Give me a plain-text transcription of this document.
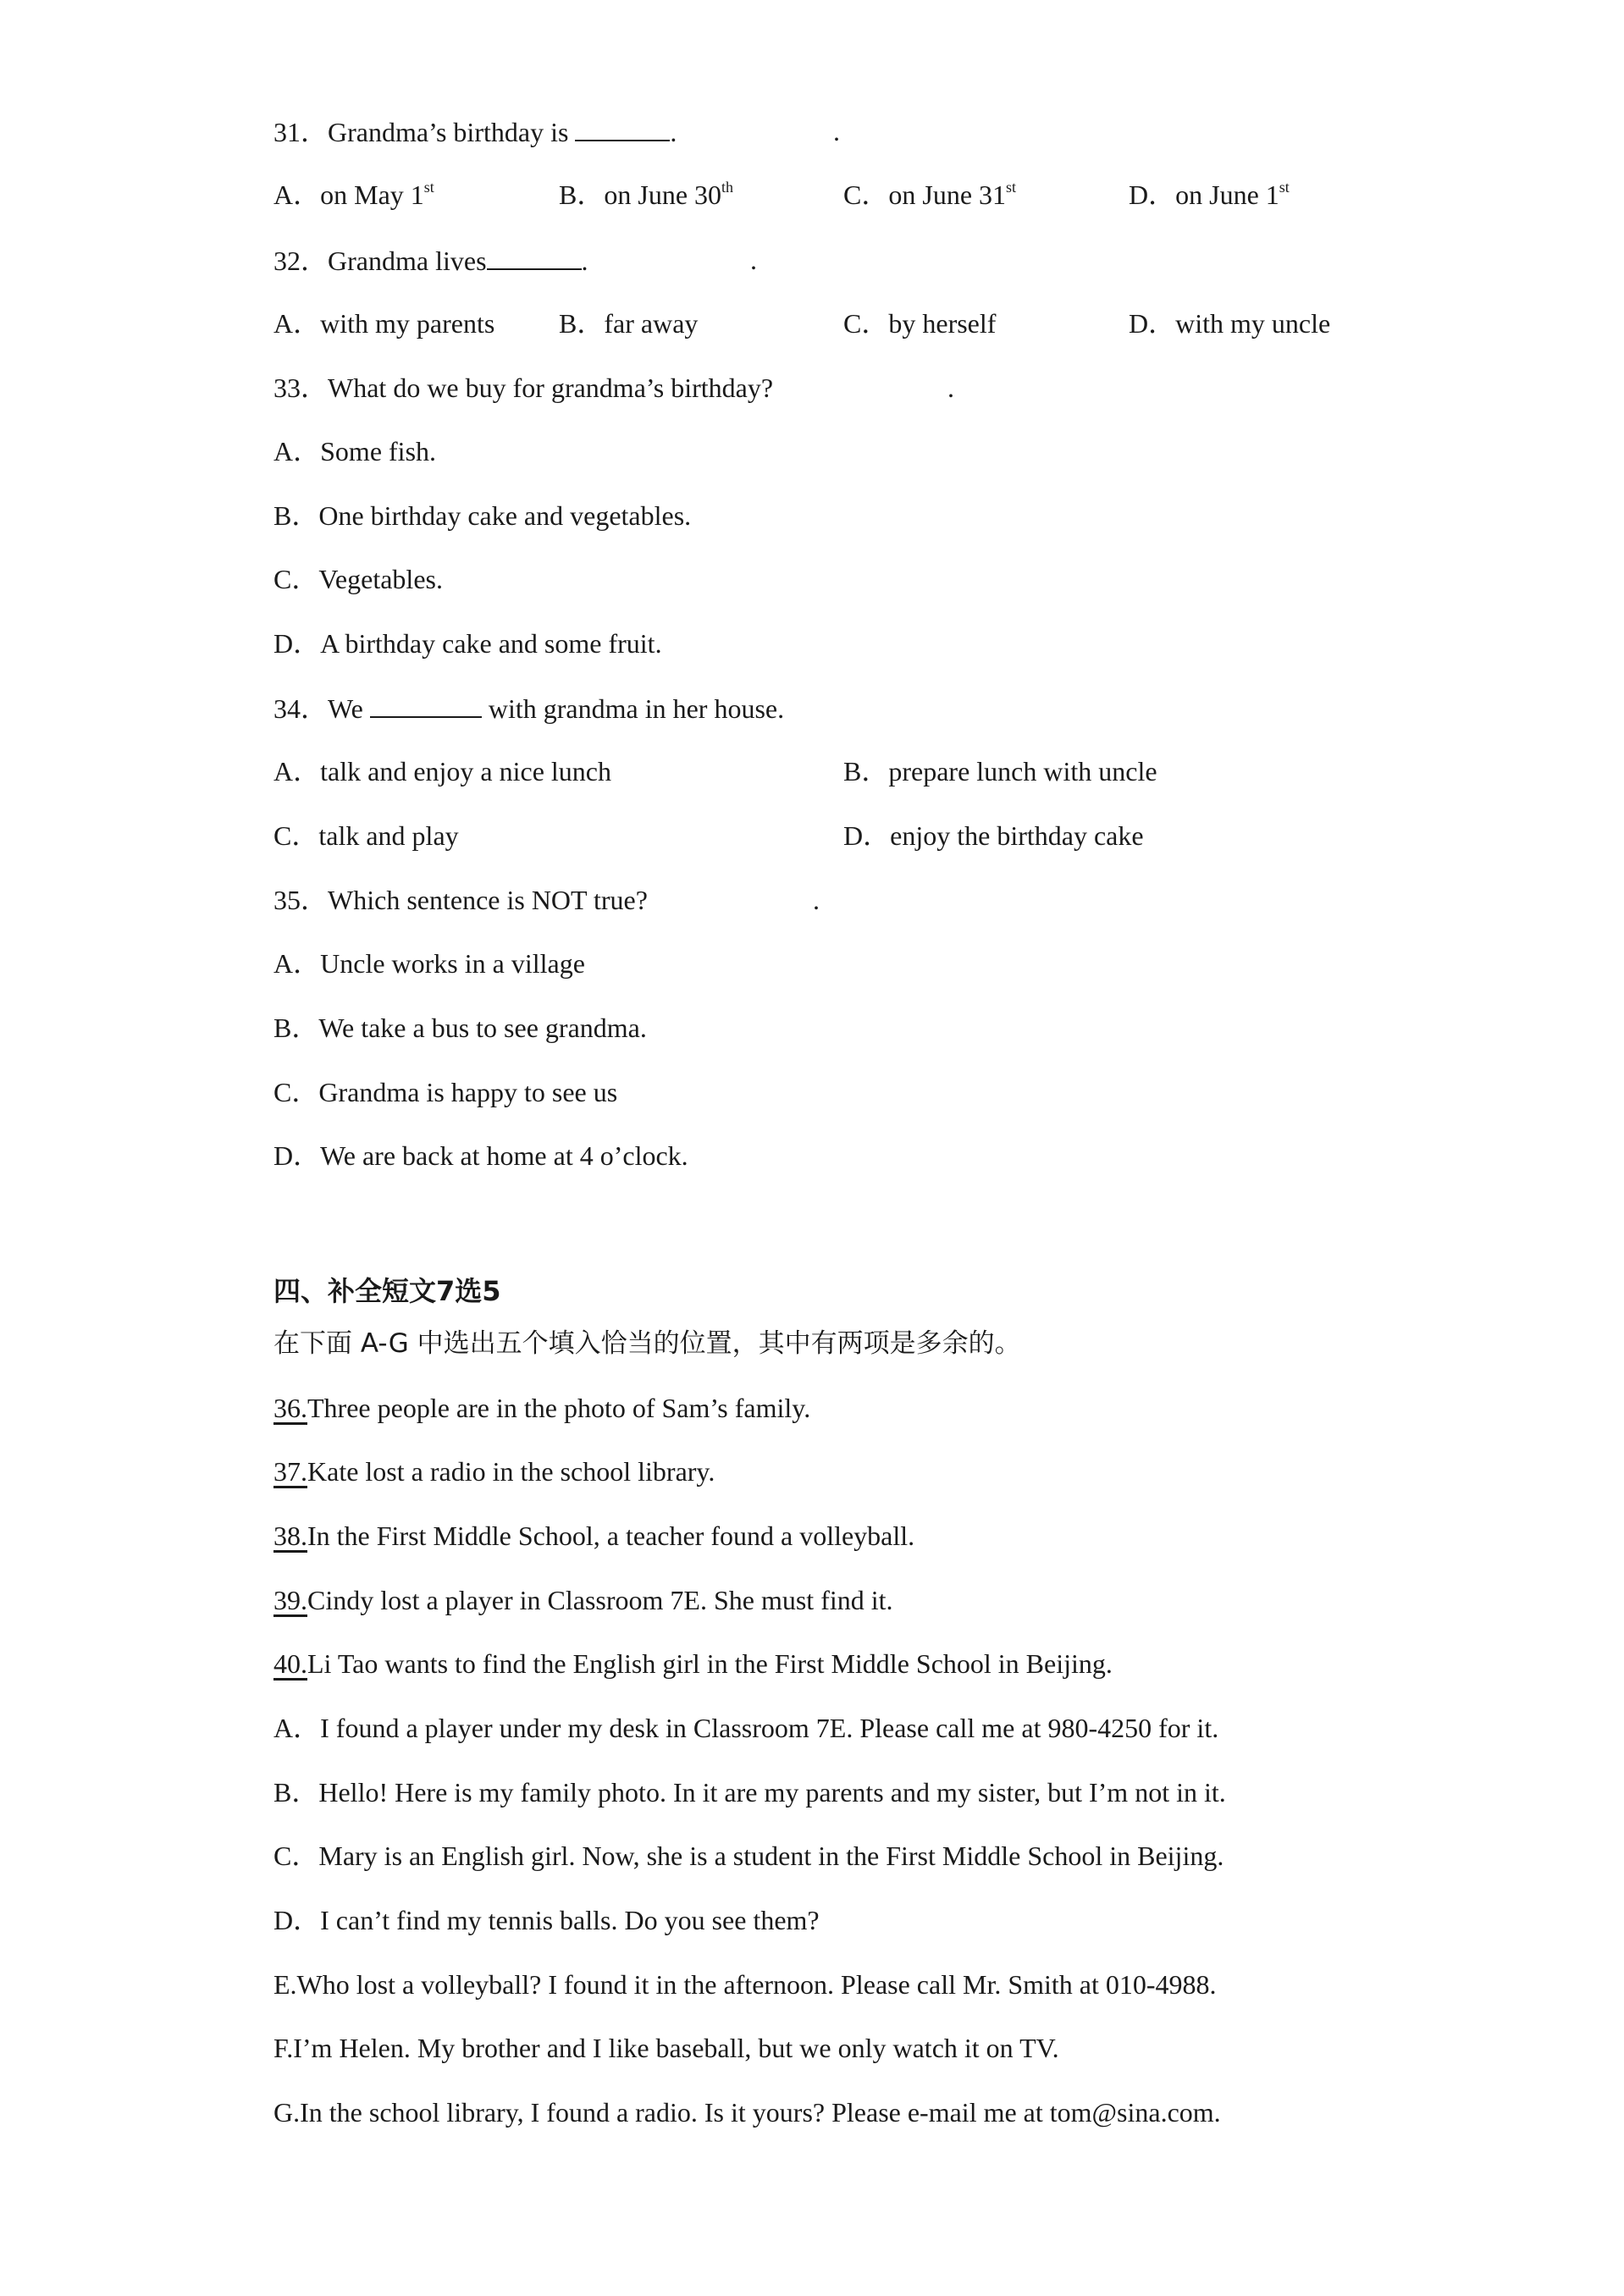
31．Grandma’s birthday is	.	.
A．on May 1st	B．on June 30th	C．on June 31st	D．on June 1st
32．Grandma lives	.	.
A．with my parents B．far away	C．by herself	D．with my uncle
33．What do we buy for grandma’s birthday?	.
A．Some fish.
B．One birthday cake and vegetables.
C．Vegetables.
D．A birthday cake and some fruit.
34．We	with grandma in her house.
A．talk and enjoy a nice lunch	B．prepare lunch with uncle
C．talk and play	D．enjoy the birthday cake
35．Which sentence is NOT true?	.
A．Uncle works in a village
B．We take a bus to see grandma.
C．Grandma is happy to see us
D．We are back at home at 4 o’clock.
四、补全短文7选5
在下面 A-G 中选出五个填入恰当的位置，其中有两项是多余的。
36.Three people are in the photo of Sam’s family.
37.Kate lost a radio in the school library.
38.In the First Middle School, a teacher found a volleyball.
39.Cindy lost a player in Classroom 7E. She must find it.
40.Li Tao wants to find the English girl in the First Middle School in Beijing.
A．I found a player under my desk in Classroom 7E. Please call me at 980-4250 for it.
B．Hello! Here is my family photo. In it are my parents and my sister, but I’m not in it.
C．Mary is an English girl. Now, she is a student in the First Middle School in Beijing.
D．I can’t find my tennis balls. Do you see them?
E.Who lost a volleyball? I found it in the afternoon. Please call Mr. Smith at 010-4988.
F.I’m Helen. My brother and I like baseball, but we only watch it on TV.
G.In the school library, I found a radio. Is it yours? Please e-mail me at tom@sina.com.
